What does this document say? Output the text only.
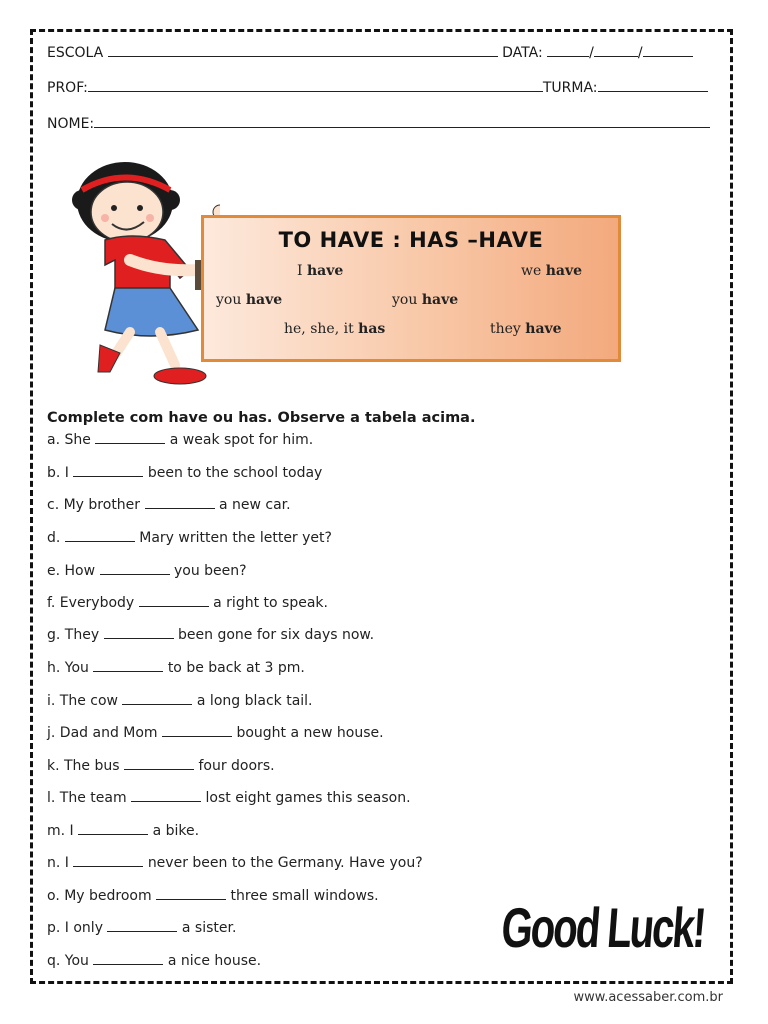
ESCOLA	DATA:	/	/
PROF:	TURMA:
NOME:
TO HAVE : HAS –HAVE
I have	we have
you have	you have
he, she, it has	they have
Complete com have ou has. Observe a tabela acima.
a. She	a weak spot for him.
b. I	been to the school today
c. My brother	a new car.
d.	Mary written the letter yet?
e. How	you been?
f. Everybody	a right to speak.
g. They	been gone for six days now.
h. You	to be back at 3 pm.
i. The cow	a long black tail.
j. Dad and Mom	bought a new house.
k. The bus	four doors.
l. The team	lost eight games this season.
m. I	a bike.
n. I	never been to the Germany. Have you?
o. My bedroom	three small windows.
p. I only	a sister.
q. You	a nice house.
Good Luck!
www.acessaber.com.br
